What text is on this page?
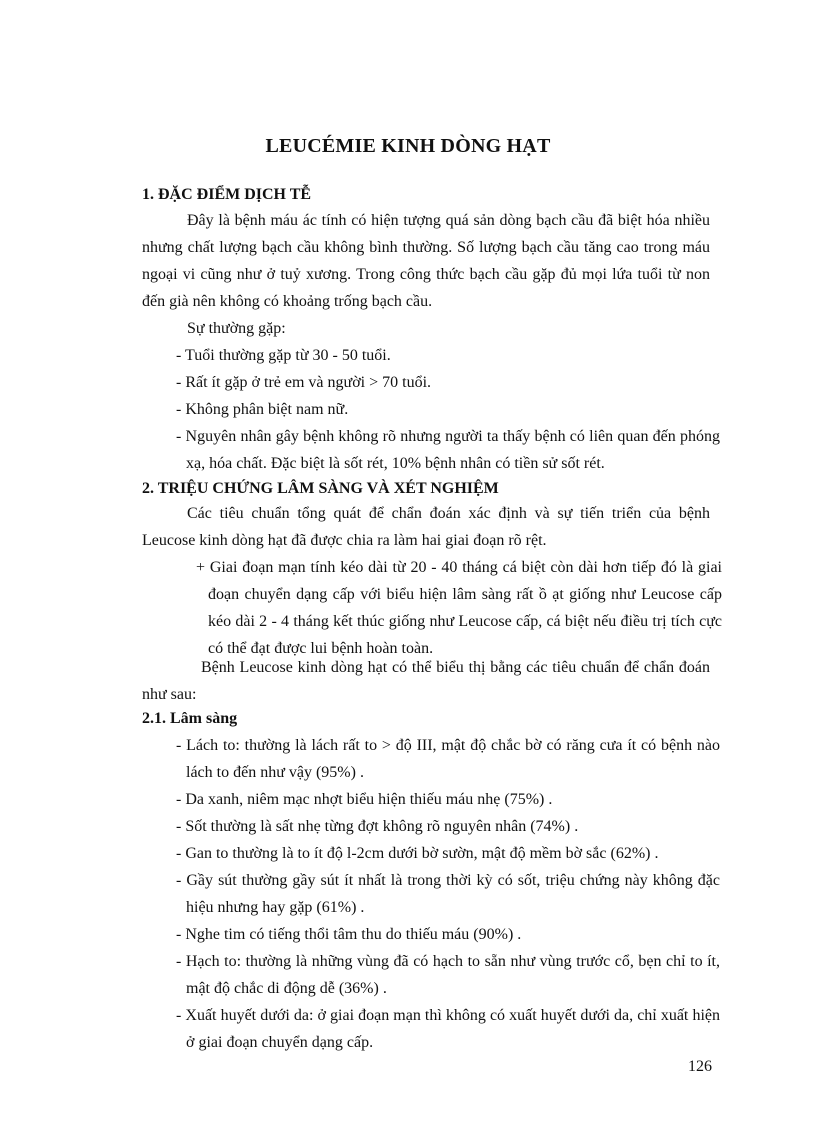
LEUCÉMIE KINH DÒNG HẠT
1. ĐẶC ĐIỂM DỊCH TỄ
Đây là bệnh máu ác tính có hiện tượng quá sản dòng bạch cầu đã biệt hóa nhiều nhưng chất lượng bạch cầu không bình thường. Số lượng bạch cầu tăng cao trong máu ngoại vi cũng như ở tuỷ xương. Trong công thức bạch cầu gặp đủ mọi lứa tuổi từ non đến già nên không có khoảng trống bạch cầu.
Sự thường gặp:
- Tuổi thường gặp từ 30 - 50 tuổi.
- Rất ít gặp ở trẻ em và người > 70 tuổi.
- Không phân biệt nam nữ.
- Nguyên nhân gây bệnh không rõ nhưng người ta thấy bệnh có liên quan đến phóng xạ, hóa chất. Đặc biệt là sốt rét, 10% bệnh nhân có tiền sử sốt rét.
2. TRIỆU CHỨNG LÂM SÀNG VÀ XÉT NGHIỆM
Các tiêu chuẩn tổng quát để chẩn đoán xác định và sự tiến triển của bệnh Leucose kinh dòng hạt đã được chia ra làm hai giai đoạn rõ rệt.
+ Giai đoạn mạn tính kéo dài từ 20 - 40 tháng cá biệt còn dài hơn tiếp đó là giai đoạn chuyển dạng cấp với biểu hiện lâm sàng rất ồ ạt giống như Leucose cấp kéo dài 2 - 4 tháng kết thúc giống như Leucose cấp, cá biệt nếu điều trị tích cực có thể đạt được lui bệnh hoàn toàn.
Bệnh Leucose kinh dòng hạt có thể biểu thị bằng các tiêu chuẩn để chẩn đoán như sau:
2.1. Lâm sàng
- Lách to: thường là lách rất to > độ III, mật độ chắc bờ có răng cưa ít có bệnh nào lách to đến như vậy (95%) .
- Da xanh, niêm mạc nhợt biểu hiện thiếu máu nhẹ (75%) .
- Sốt thường là sất nhẹ từng đợt không rõ nguyên nhân (74%) .
- Gan to thường là to ít độ l-2cm dưới bờ sườn, mật độ mềm bờ sắc (62%) .
- Gầy sút thường gầy sút ít nhất là trong thời kỳ có sốt, triệu chứng này không đặc hiệu nhưng hay gặp (61%) .
- Nghe tim có tiếng thổi tâm thu do thiếu máu (90%) .
- Hạch to: thường là những vùng đã có hạch to sẵn như vùng trước cổ, bẹn chỉ to ít, mật độ chắc di động dễ (36%) .
- Xuất huyết dưới da: ở giai đoạn mạn thì không có xuất huyết dưới da, chỉ xuất hiện ở giai đoạn chuyển dạng cấp.
126
